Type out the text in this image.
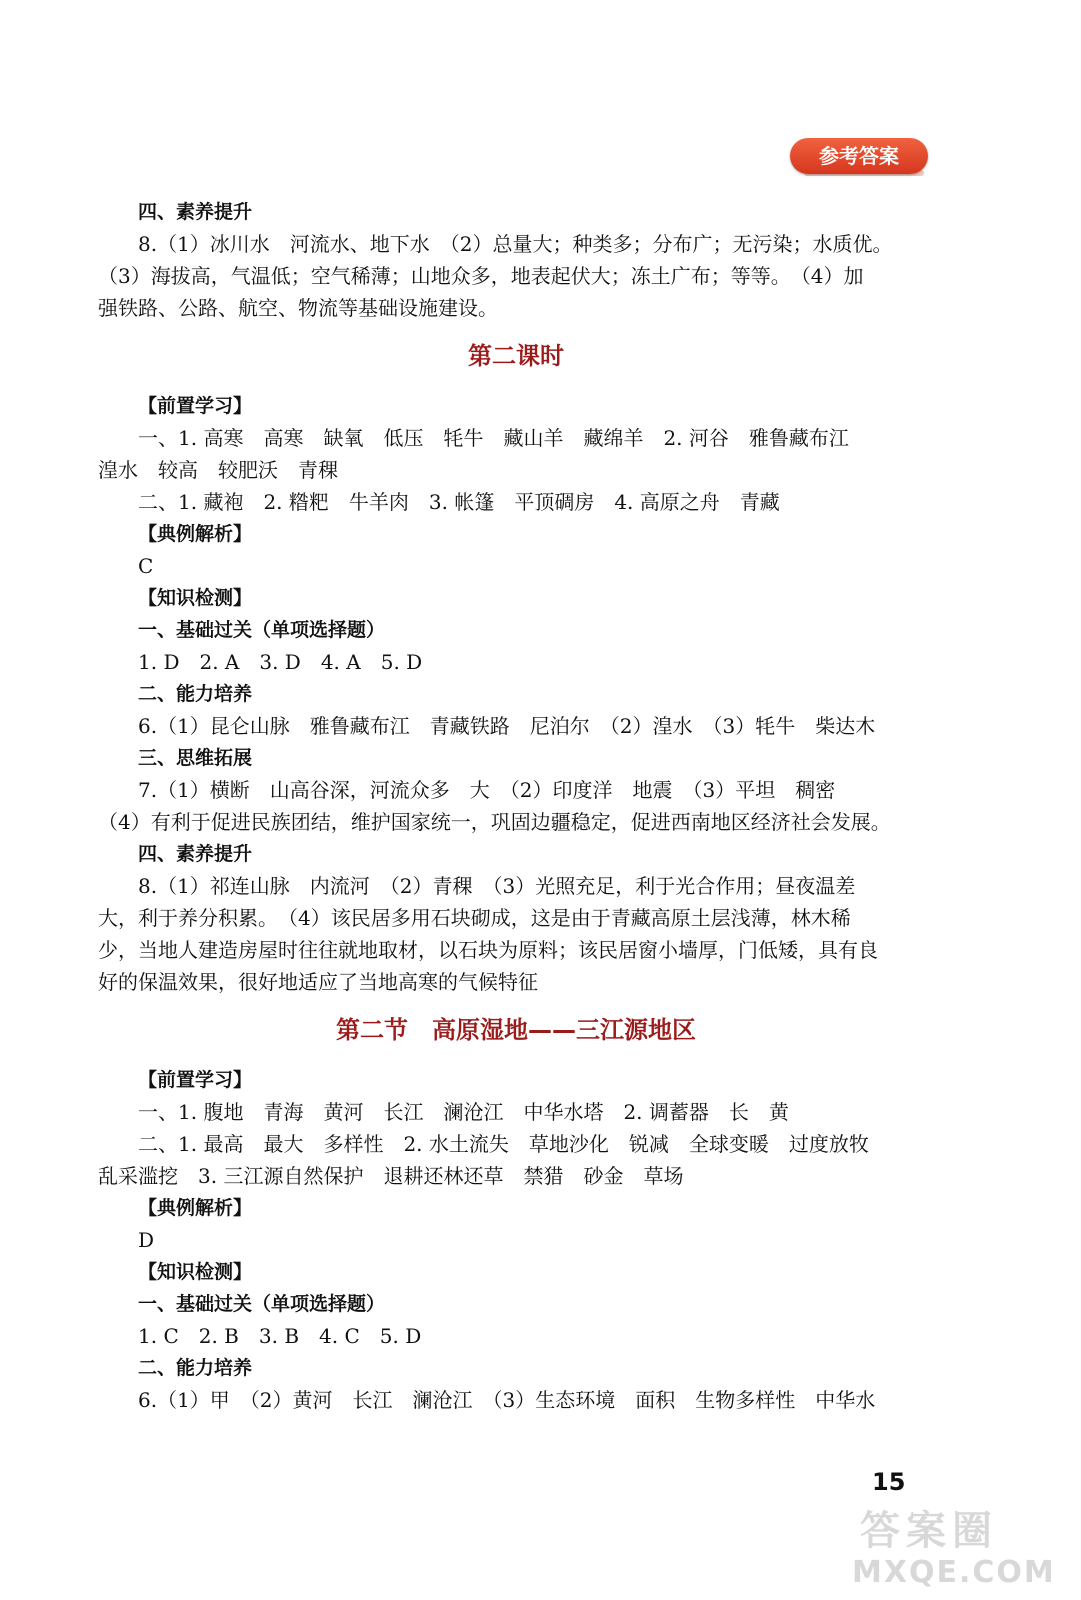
参考答案

四、素养提升

8.（1）冰川水　河流水、地下水　（2）总量大；种类多；分布广；无污染；水质优。

（3）海拔高，气温低；空气稀薄；山地众多，地表起伏大；冻土广布；等等。　（4）加

强铁路、公路、航空、物流等基础设施建设。

第二课时

【前置学习】

一、1. 高寒　高寒　缺氧　低压　牦牛　藏山羊　藏绵羊　2. 河谷　雅鲁藏布江

湟水　较高　较肥沃　青稞

二、1. 藏袍　2. 糌粑　牛羊肉　3. 帐篷　平顶碉房　4. 高原之舟　青藏

【典例解析】

C

【知识检测】

一、基础过关（单项选择题）

1. D　2. A　3. D　4. A　5. D

二、能力培养

6.（1）昆仑山脉　雅鲁藏布江　青藏铁路　尼泊尔　（2）湟水　（3）牦牛　柴达木

三、思维拓展

7.（1）横断　山高谷深，河流众多　大　（2）印度洋　地震　（3）平坦　稠密

（4）有利于促进民族团结，维护国家统一，巩固边疆稳定，促进西南地区经济社会发展。

四、素养提升

8.（1）祁连山脉　内流河　（2）青稞　（3）光照充足，利于光合作用；昼夜温差

大，利于养分积累。　（4）该民居多用石块砌成，这是由于青藏高原土层浅薄，林木稀

少，当地人建造房屋时往往就地取材，以石块为原料；该民居窗小墙厚，门低矮，具有良

好的保温效果，很好地适应了当地高寒的气候特征

第二节　高原湿地——三江源地区

【前置学习】

一、1. 腹地　青海　黄河　长江　澜沧江　中华水塔　2. 调蓄器　长　黄

二、1. 最高　最大　多样性　2. 水土流失　草地沙化　锐减　全球变暖　过度放牧

乱采滥挖　3. 三江源自然保护　退耕还林还草　禁猎　砂金　草场

【典例解析】

D

【知识检测】

一、基础过关（单项选择题）

1. C　2. B　3. B　4. C　5. D

二、能力培养

6.（1）甲　（2）黄河　长江　澜沧江　（3）生态环境　面积　生物多样性　中华水

15
答案圈
MXQE.COM
